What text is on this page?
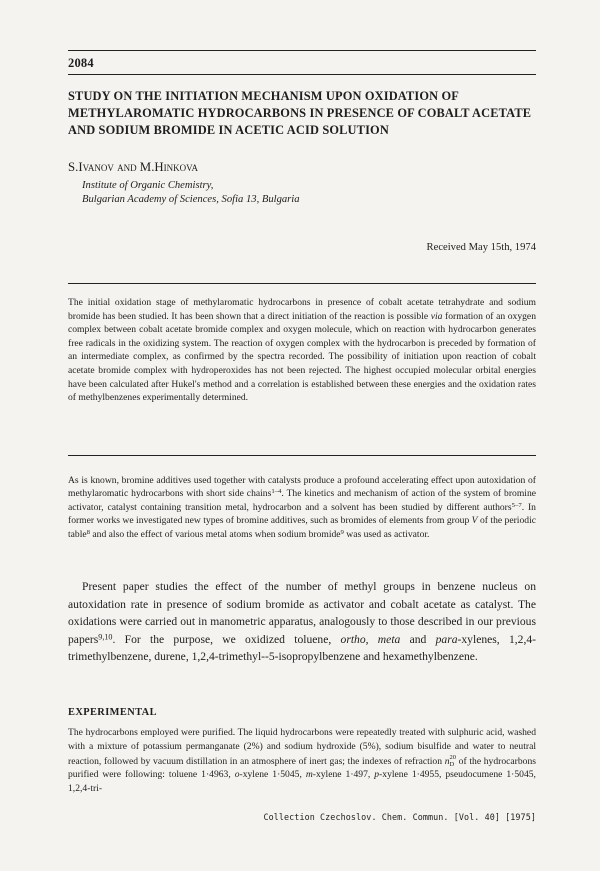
2084
STUDY ON THE INITIATION MECHANISM UPON OXIDATION OF METHYLAROMATIC HYDROCARBONS IN PRESENCE OF COBALT ACETATE AND SODIUM BROMIDE IN ACETIC ACID SOLUTION
S.Ivanov and M.Hinkova
Institute of Organic Chemistry,
Bulgarian Academy of Sciences, Sofia 13, Bulgaria
Received May 15th, 1974
The initial oxidation stage of methylaromatic hydrocarbons in presence of cobalt acetate tetrahydrate and sodium bromide has been studied. It has been shown that a direct initiation of the reaction is possible via formation of an oxygen complex between cobalt acetate bromide complex and oxygen molecule, which on reaction with hydrocarbon generates free radicals in the oxidizing system. The reaction of oxygen complex with the hydrocarbon is preceded by formation of an intermediate complex, as confirmed by the spectra recorded. The possibility of initiation upon reaction of cobalt acetate bromide complex with hydroperoxides has not been rejected. The highest occupied molecular orbital energies have been calculated after Hukel's method and a correlation is established between these energies and the oxidation rates of methylbenzenes experimentally determined.
As is known, bromine additives used together with catalysts produce a profound accelerating effect upon autoxidation of methylaromatic hydrocarbons with short side chains$^{1-4}$. The kinetics and mechanism of action of the system of bromine activator, catalyst containing transition metal, hydrocarbon and a solvent has been studied by different authors$^{5-7}$. In former works we investigated new types of bromine additives, such as bromides of elements from group V of the periodic table$^8$ and also the effect of various metal atoms when sodium bromide$^9$ was used as activator.
Present paper studies the effect of the number of methyl groups in benzene nucleus on autoxidation rate in presence of sodium bromide as activator and cobalt acetate as catalyst. The oxidations were carried out in manometric apparatus, analogously to those described in our previous papers$^{9,10}$. For the purpose, we oxidized toluene, ortho, meta and para-xylenes, 1,2,4-trimethylbenzene, durene, 1,2,4-trimethyl--5-isopropylbenzene and hexamethylbenzene.
EXPERIMENTAL
The hydrocarbons employed were purified. The liquid hydrocarbons were repeatedly treated with sulphuric acid, washed with a mixture of potassium permanganate (2%) and sodium hydroxide (5%), sodium bisulfide and water to neutral reaction, followed by vacuum distillation in an atmosphere of inert gas; the indexes of refraction n 20
D of the hydrocarbons purified were following: toluene 1·4963, o-xylene 1·5045, m-xylene 1·497, p-xylene 1·4955, pseudocumene 1·5045, 1,2,4-tri-
Collection Czechoslov. Chem. Commun. [Vol. 40] [1975]
